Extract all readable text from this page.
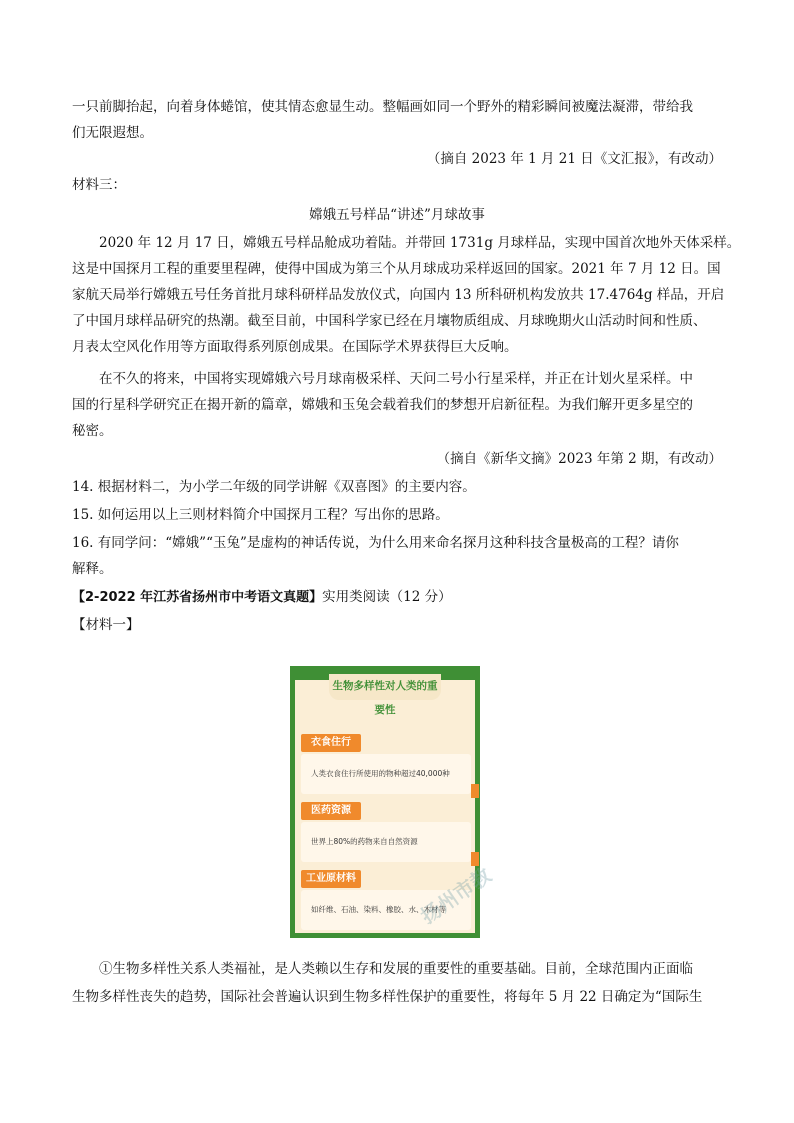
一只前脚抬起，向着身体蜷馆，使其情态愈显生动。整幅画如同一个野外的精彩瞬间被魔法凝滞，带给我
们无限遐想。
（摘自 2023 年 1 月 21 日《文汇报》，有改动）
材料三：
嫦娥五号样品“讲述”月球故事
2020 年 12 月 17 日，嫦娥五号样品舱成功着陆。并带回 1731g 月球样品，实现中国首次地外天体采样。
这是中国探月工程的重要里程碑，使得中国成为第三个从月球成功采样返回的国家。2021 年 7 月 12 日。国
家航天局举行嫦娥五号任务首批月球科研样品发放仪式，向国内 13 所科研机构发放共 17.4764g 样品，开启
了中国月球样品研究的热潮。截至目前，中国科学家已经在月壤物质组成、月球晚期火山活动时间和性质、
月表太空风化作用等方面取得系列原创成果。在国际学术界获得巨大反响。
在不久的将来，中国将实现嫦娥六号月球南极采样、天问二号小行星采样，并正在计划火星采样。中
国的行星科学研究正在揭开新的篇章，嫦娥和玉兔会载着我们的梦想开启新征程。为我们解开更多星空的
秘密。
（摘自《新华文摘》2023 年第 2 期，有改动）
14. 根据材料二，为小学二年级的同学讲解《双喜图》的主要内容。
15. 如何运用以上三则材料简介中国探月工程？写出你的思路。
16. 有同学问：“嫦娥”“玉兔”是虚构的神话传说，为什么用来命名探月这种科技含量极高的工程？请你
解释。
【2-2022 年江苏省扬州市中考语文真题】实用类阅读（12 分）
【材料一】
生物多样性对人类的重要性
衣食住行
人类衣食住行所使用的物种超过40,000种
医药资源
世界上80%的药物来自自然资源
工业原材料
如纤维、石油、染料、橡胶、水、木材等
扬州市教
①生物多样性关系人类福祉，是人类赖以生存和发展的重要性的重要基础。目前，全球范围内正面临
生物多样性丧失的趋势，国际社会普遍认识到生物多样性保护的重要性，将每年 5 月 22 日确定为“国际生
